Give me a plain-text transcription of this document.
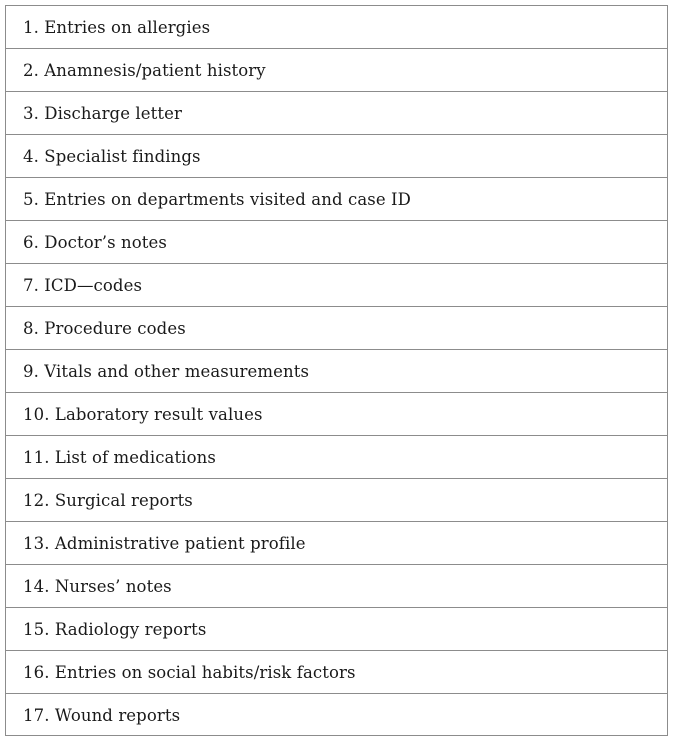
1. Entries on allergies
2. Anamnesis/patient history
3. Discharge letter
4. Specialist findings
5. Entries on departments visited and case ID
6. Doctor’s notes
7. ICD—codes
8. Procedure codes
9. Vitals and other measurements
10. Laboratory result values
11. List of medications
12. Surgical reports
13. Administrative patient profile
14. Nurses’ notes
15. Radiology reports
16. Entries on social habits/risk factors
17. Wound reports
